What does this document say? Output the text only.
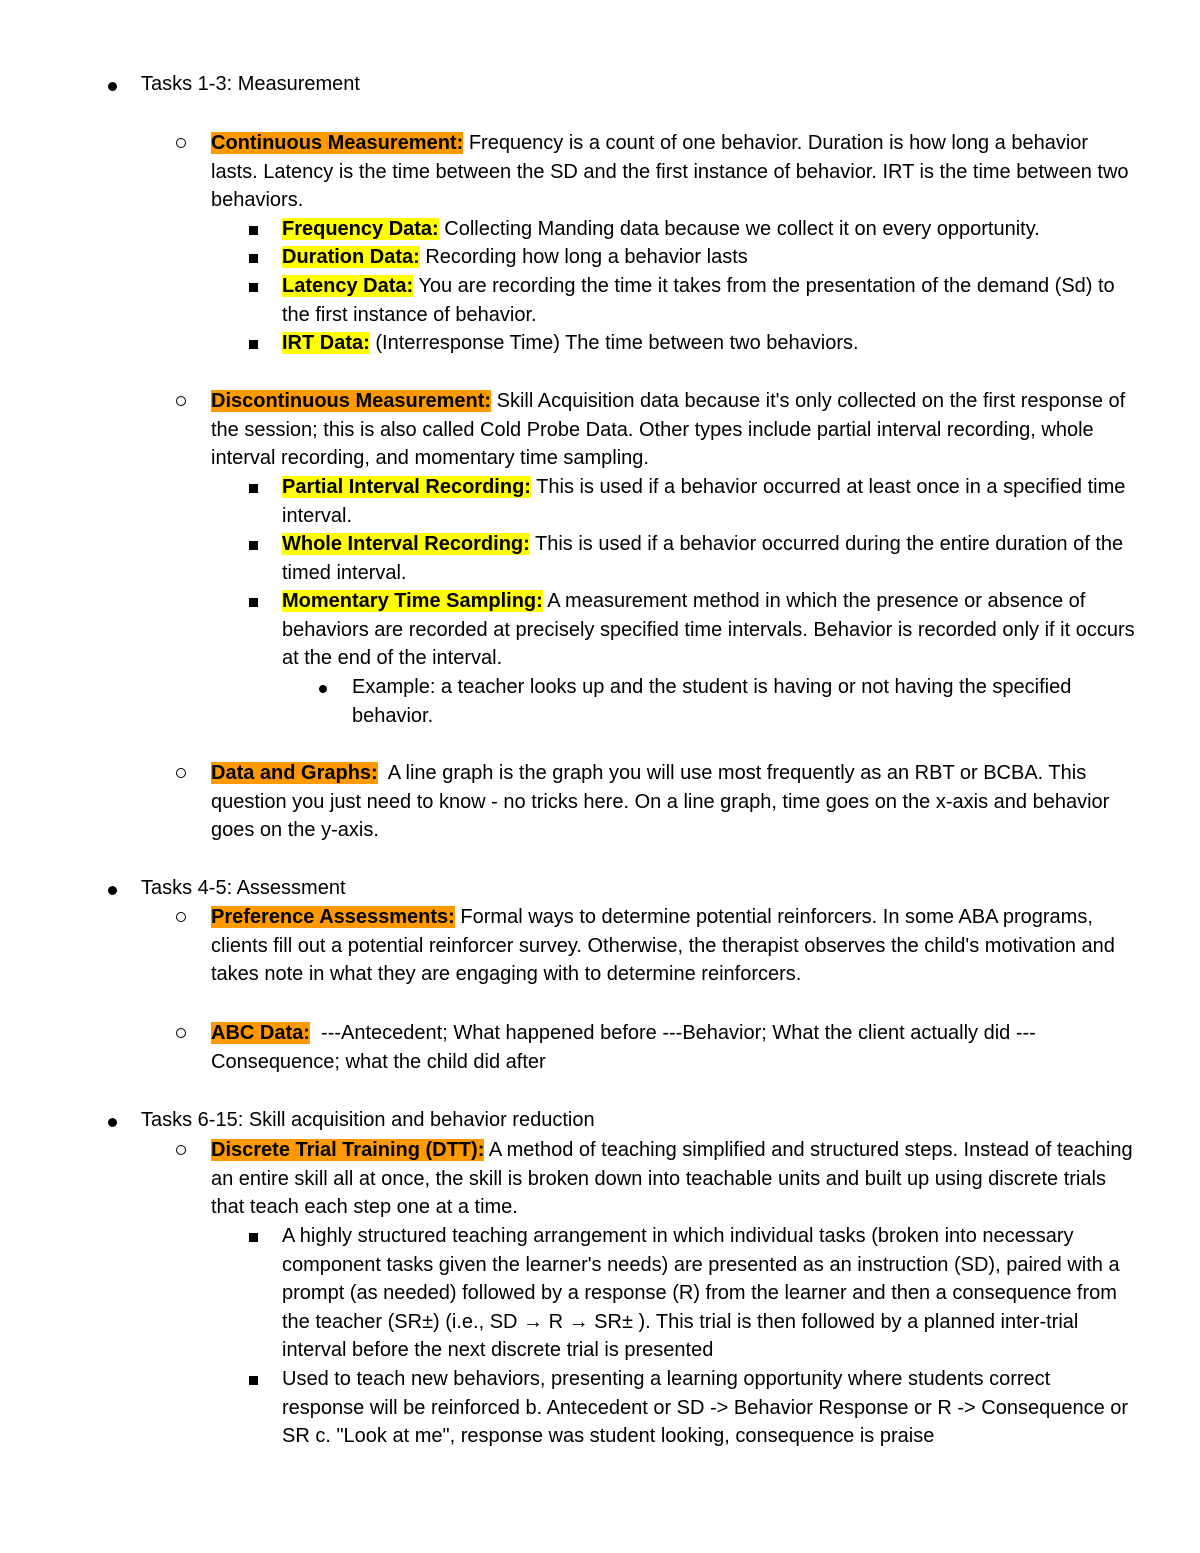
Tasks 1-3: Measurement
Continuous Measurement: Frequency is a count of one behavior. Duration is how long a behavior lasts. Latency is the time between the SD and the first instance of behavior. IRT is the time between two behaviors.
Frequency Data: Collecting Manding data because we collect it on every opportunity.
Duration Data: Recording how long a behavior lasts
Latency Data: You are recording the time it takes from the presentation of the demand (Sd) to the first instance of behavior.
IRT Data: (Interresponse Time) The time between two behaviors.
Discontinuous Measurement: Skill Acquisition data because it's only collected on the first response of the session; this is also called Cold Probe Data. Other types include partial interval recording, whole interval recording, and momentary time sampling.
Partial Interval Recording: This is used if a behavior occurred at least once in a specified time interval.
Whole Interval Recording: This is used if a behavior occurred during the entire duration of the timed interval.
Momentary Time Sampling: A measurement method in which the presence or absence of behaviors are recorded at precisely specified time intervals. Behavior is recorded only if it occurs at the end of the interval.
Example: a teacher looks up and the student is having or not having the specified behavior.
Data and Graphs: A line graph is the graph you will use most frequently as an RBT or BCBA. This question you just need to know - no tricks here. On a line graph, time goes on the x-axis and behavior goes on the y-axis.
Tasks 4-5: Assessment
Preference Assessments: Formal ways to determine potential reinforcers. In some ABA programs, clients fill out a potential reinforcer survey. Otherwise, the therapist observes the child's motivation and takes note in what they are engaging with to determine reinforcers.
ABC Data: ---Antecedent; What happened before ---Behavior; What the client actually did ---Consequence; what the child did after
Tasks 6-15: Skill acquisition and behavior reduction
Discrete Trial Training (DTT): A method of teaching simplified and structured steps. Instead of teaching an entire skill all at once, the skill is broken down into teachable units and built up using discrete trials that teach each step one at a time.
A highly structured teaching arrangement in which individual tasks (broken into necessary component tasks given the learner's needs) are presented as an instruction (SD), paired with a prompt (as needed) followed by a response (R) from the learner and then a consequence from the teacher (SR±) (i.e., SD → R → SR± ). This trial is then followed by a planned inter-trial interval before the next discrete trial is presented
Used to teach new behaviors, presenting a learning opportunity where students correct response will be reinforced b. Antecedent or SD -> Behavior Response or R -> Consequence or SR c. "Look at me", response was student looking, consequence is praise
